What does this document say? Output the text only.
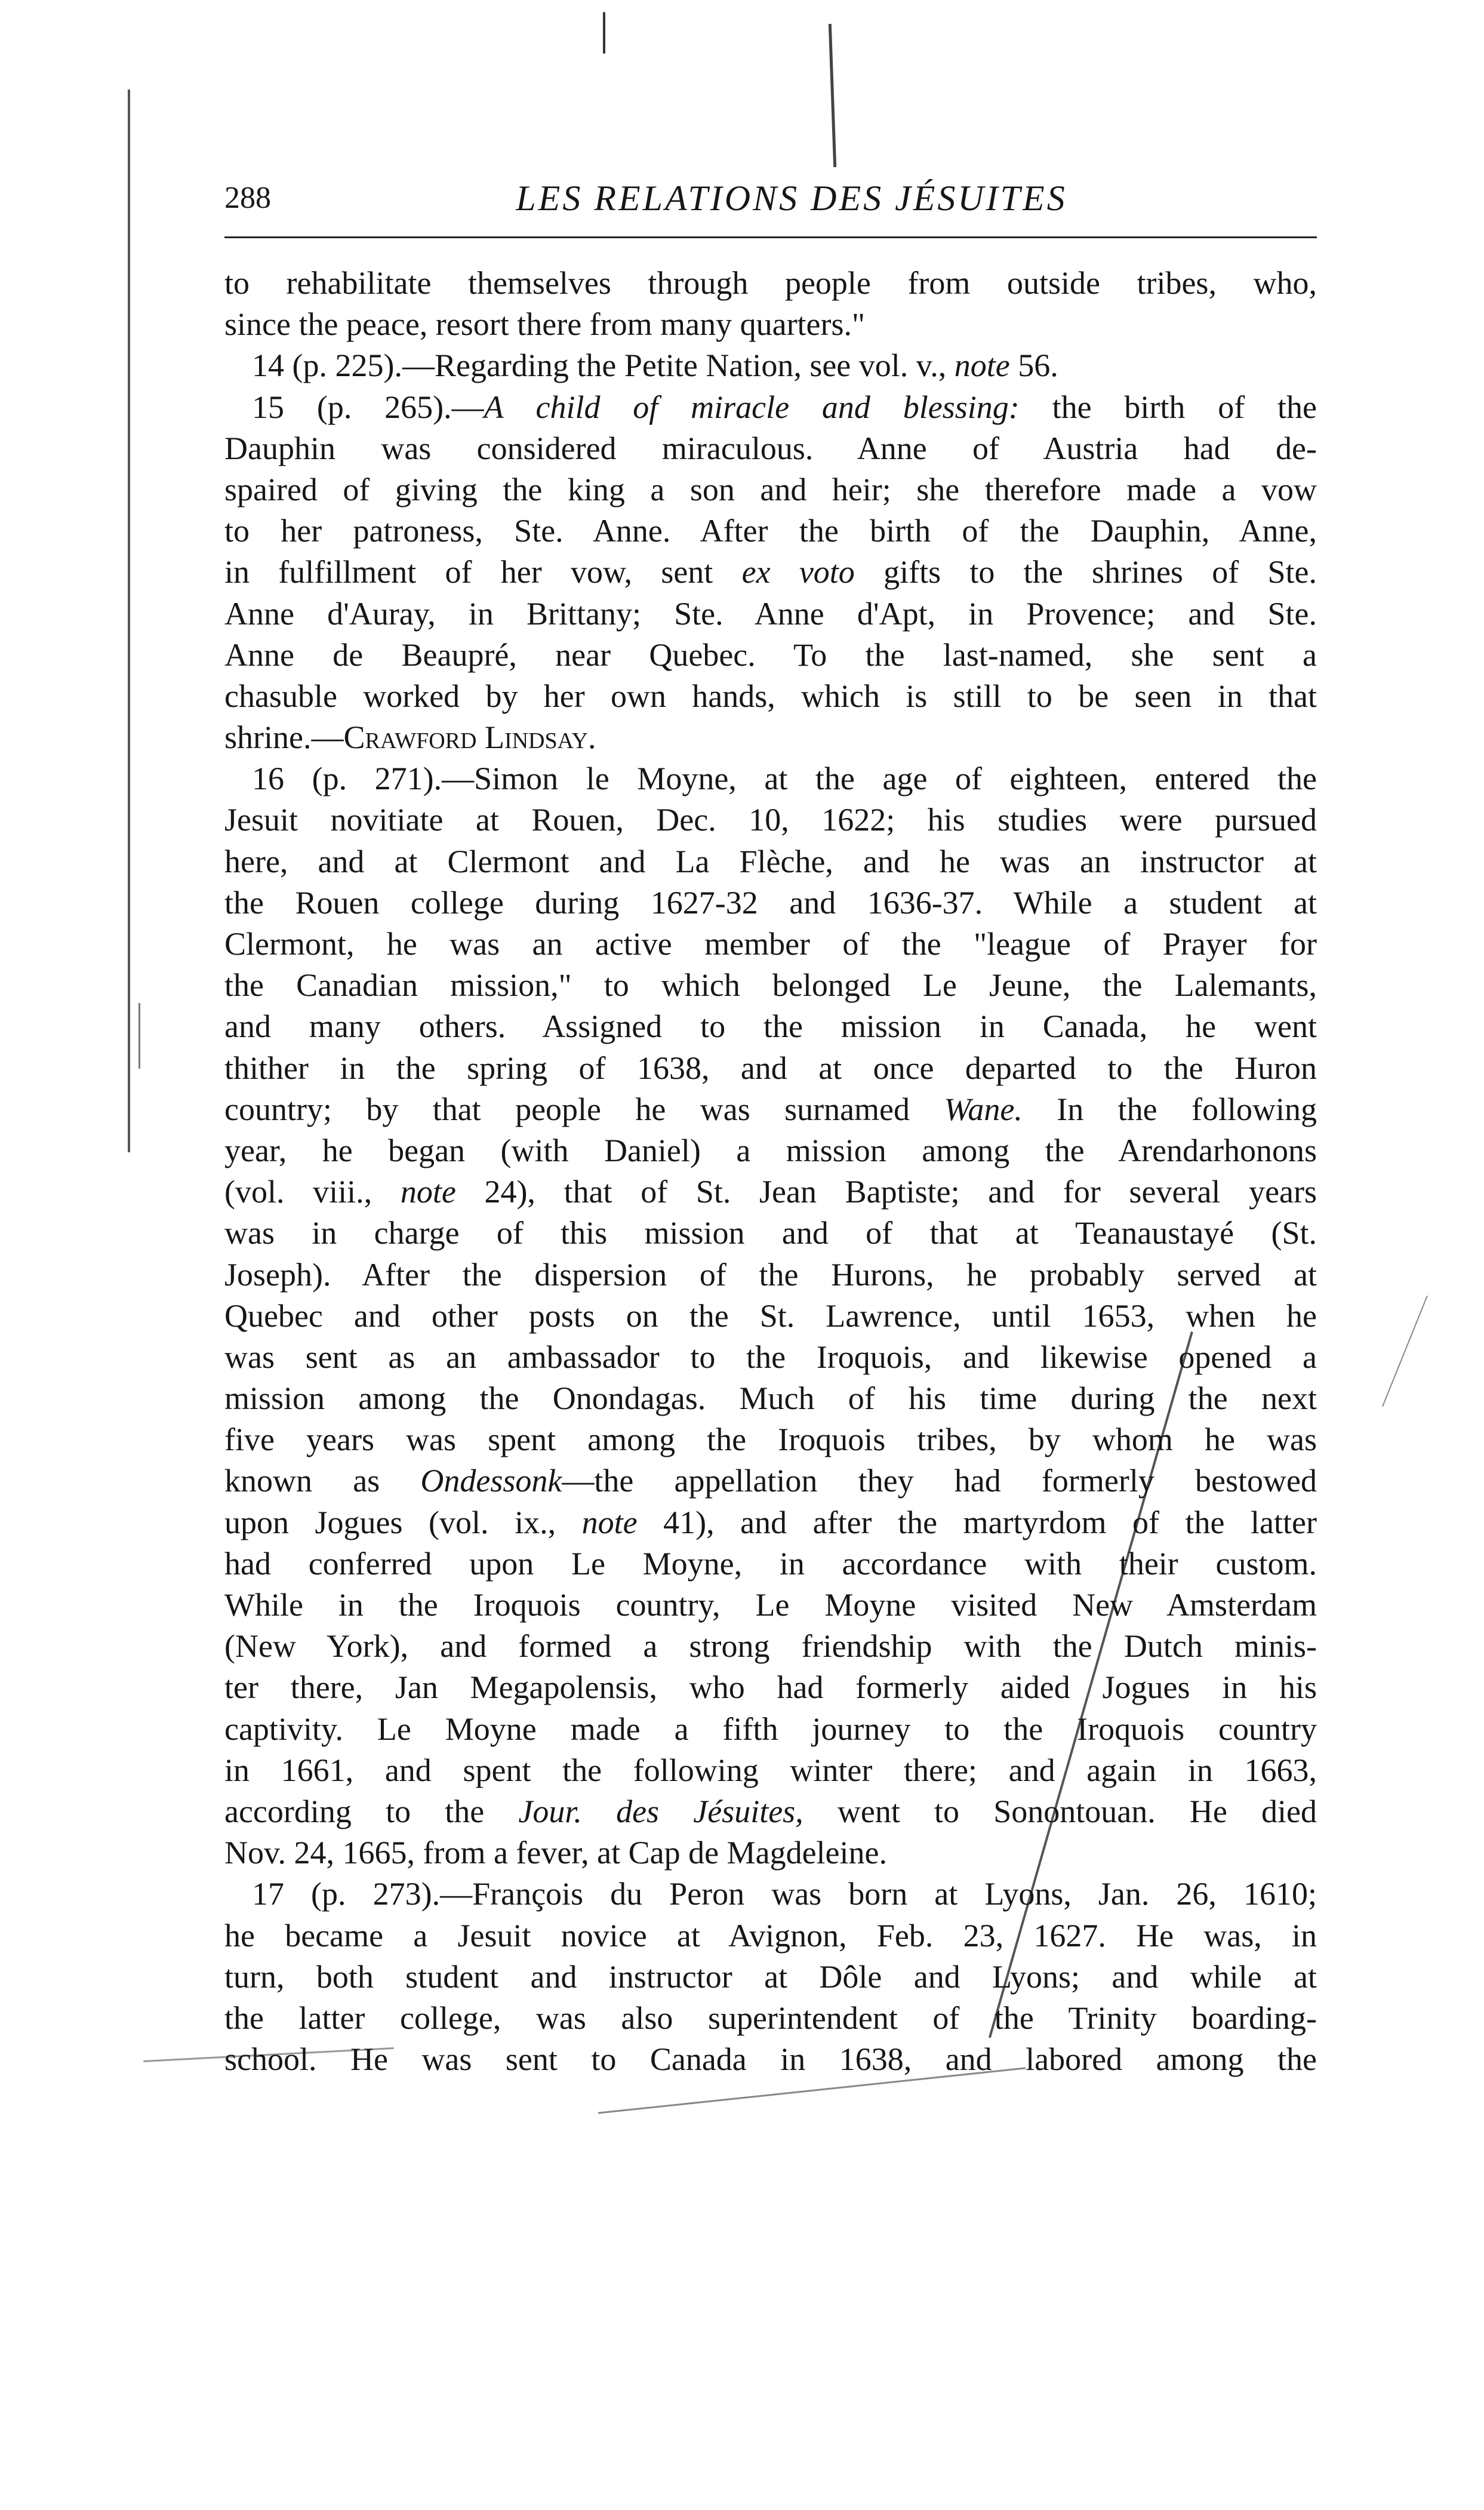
288	LES RELATIONS DES JÉSUITES
to rehabilitate themselves through people from outside tribes, who,
since the peace, resort there from many quarters."
14 (p. 225).—Regarding the Petite Nation, see vol. v., note 56.
15 (p. 265).—A child of miracle and blessing: the birth of the
Dauphin was considered miraculous. Anne of Austria had de-
spaired of giving the king a son and heir; she therefore made a vow
to her patroness, Ste. Anne. After the birth of the Dauphin, Anne,
in fulfillment of her vow, sent ex voto gifts to the shrines of Ste.
Anne d'Auray, in Brittany; Ste. Anne d'Apt, in Provence; and Ste.
Anne de Beaupré, near Quebec. To the last-named, she sent a
chasuble worked by her own hands, which is still to be seen in that
shrine.—Crawford Lindsay.
16 (p. 271).—Simon le Moyne, at the age of eighteen, entered the
Jesuit novitiate at Rouen, Dec. 10, 1622; his studies were pursued
here, and at Clermont and La Flèche, and he was an instructor at
the Rouen college during 1627-32 and 1636-37. While a student at
Clermont, he was an active member of the "league of Prayer for
the Canadian mission," to which belonged Le Jeune, the Lalemants,
and many others. Assigned to the mission in Canada, he went
thither in the spring of 1638, and at once departed to the Huron
country; by that people he was surnamed Wane. In the following
year, he began (with Daniel) a mission among the Arendarhonons
(vol. viii., note 24), that of St. Jean Baptiste; and for several years
was in charge of this mission and of that at Teanaustayé (St.
Joseph). After the dispersion of the Hurons, he probably served at
Quebec and other posts on the St. Lawrence, until 1653, when he
was sent as an ambassador to the Iroquois, and likewise opened a
mission among the Onondagas. Much of his time during the next
five years was spent among the Iroquois tribes, by whom he was
known as Ondessonk—the appellation they had formerly bestowed
upon Jogues (vol. ix., note 41), and after the martyrdom of the latter
had conferred upon Le Moyne, in accordance with their custom.
While in the Iroquois country, Le Moyne visited New Amsterdam
(New York), and formed a strong friendship with the Dutch minis-
ter there, Jan Megapolensis, who had formerly aided Jogues in his
captivity. Le Moyne made a fifth journey to the Iroquois country
in 1661, and spent the following winter there; and again in 1663,
according to the Jour. des Jésuites, went to Sonontouan. He died
Nov. 24, 1665, from a fever, at Cap de Magdeleine.
17 (p. 273).—François du Peron was born at Lyons, Jan. 26, 1610;
he became a Jesuit novice at Avignon, Feb. 23, 1627. He was, in
turn, both student and instructor at Dôle and Lyons; and while at
the latter college, was also superintendent of the Trinity boarding-
school. He was sent to Canada in 1638, and labored among the
